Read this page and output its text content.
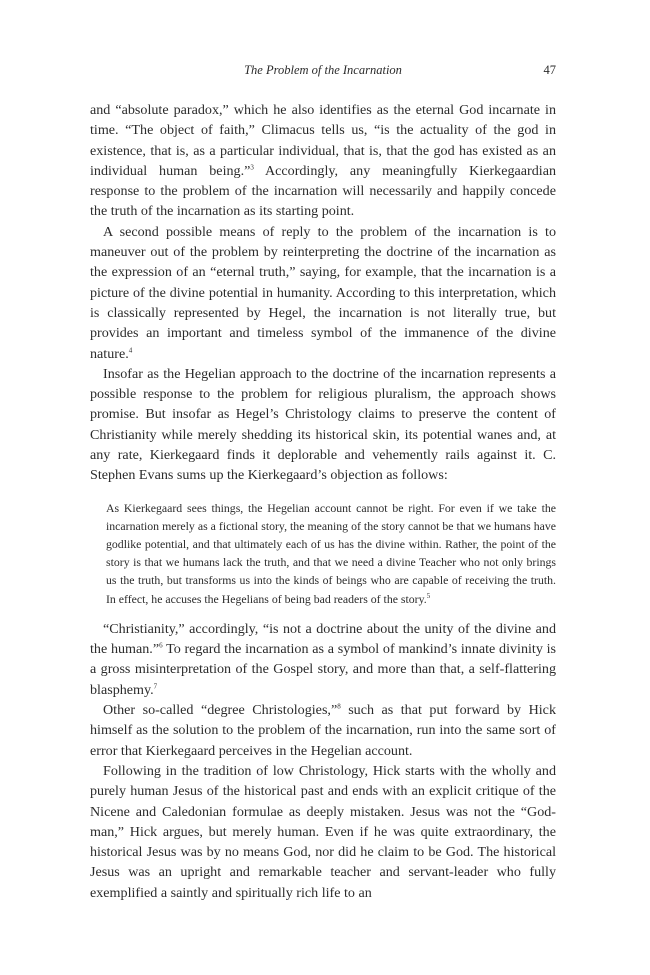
The Problem of the Incarnation	47

and “absolute paradox,” which he also identifies as the eternal God incarnate in time. “The object of faith,” Climacus tells us, “is the actuality of the god in existence, that is, as a particular individual, that is, that the god has existed as an individual human being.”$^3$ Accordingly, any meaningfully Kierkegaardian response to the problem of the incarnation will necessarily and happily concede the truth of the incarnation as its starting point.

A second possible means of reply to the problem of the incarnation is to maneuver out of the problem by reinterpreting the doctrine of the incarnation as the expression of an “eternal truth,” saying, for example, that the incarnation is a picture of the divine potential in humanity. According to this interpretation, which is classically represented by Hegel, the incarnation is not literally true, but provides an important and timeless symbol of the immanence of the divine nature.$^4$

Insofar as the Hegelian approach to the doctrine of the incarnation represents a possible response to the problem for religious pluralism, the approach shows promise. But insofar as Hegel’s Christology claims to preserve the content of Christianity while merely shedding its historical skin, its potential wanes and, at any rate, Kierkegaard finds it deplorable and vehemently rails against it. C. Stephen Evans sums up the Kierkegaard’s objection as follows:

As Kierkegaard sees things, the Hegelian account cannot be right. For even if we take the incarnation merely as a fictional story, the meaning of the story cannot be that we humans have godlike potential, and that ultimately each of us has the divine within. Rather, the point of the story is that we humans lack the truth, and that we need a divine Teacher who not only brings us the truth, but transforms us into the kinds of beings who are capable of receiving the truth. In effect, he accuses the Hegelians of being bad readers of the story.$^5$

“Christianity,” accordingly, “is not a doctrine about the unity of the divine and the human.”$^6$ To regard the incarnation as a symbol of mankind’s innate divinity is a gross misinterpretation of the Gospel story, and more than that, a self-flattering blasphemy.$^7$

Other so-called “degree Christologies,”$^8$ such as that put forward by Hick himself as the solution to the problem of the incarnation, run into the same sort of error that Kierkegaard perceives in the Hegelian account.

Following in the tradition of low Christology, Hick starts with the wholly and purely human Jesus of the historical past and ends with an explicit critique of the Nicene and Caledonian formulae as deeply mistaken. Jesus was not the “God-man,” Hick argues, but merely human. Even if he was quite extraordinary, the historical Jesus was by no means God, nor did he claim to be God. The historical Jesus was an upright and remarkable teacher and servant-leader who fully exemplified a saintly and spiritually rich life to an
